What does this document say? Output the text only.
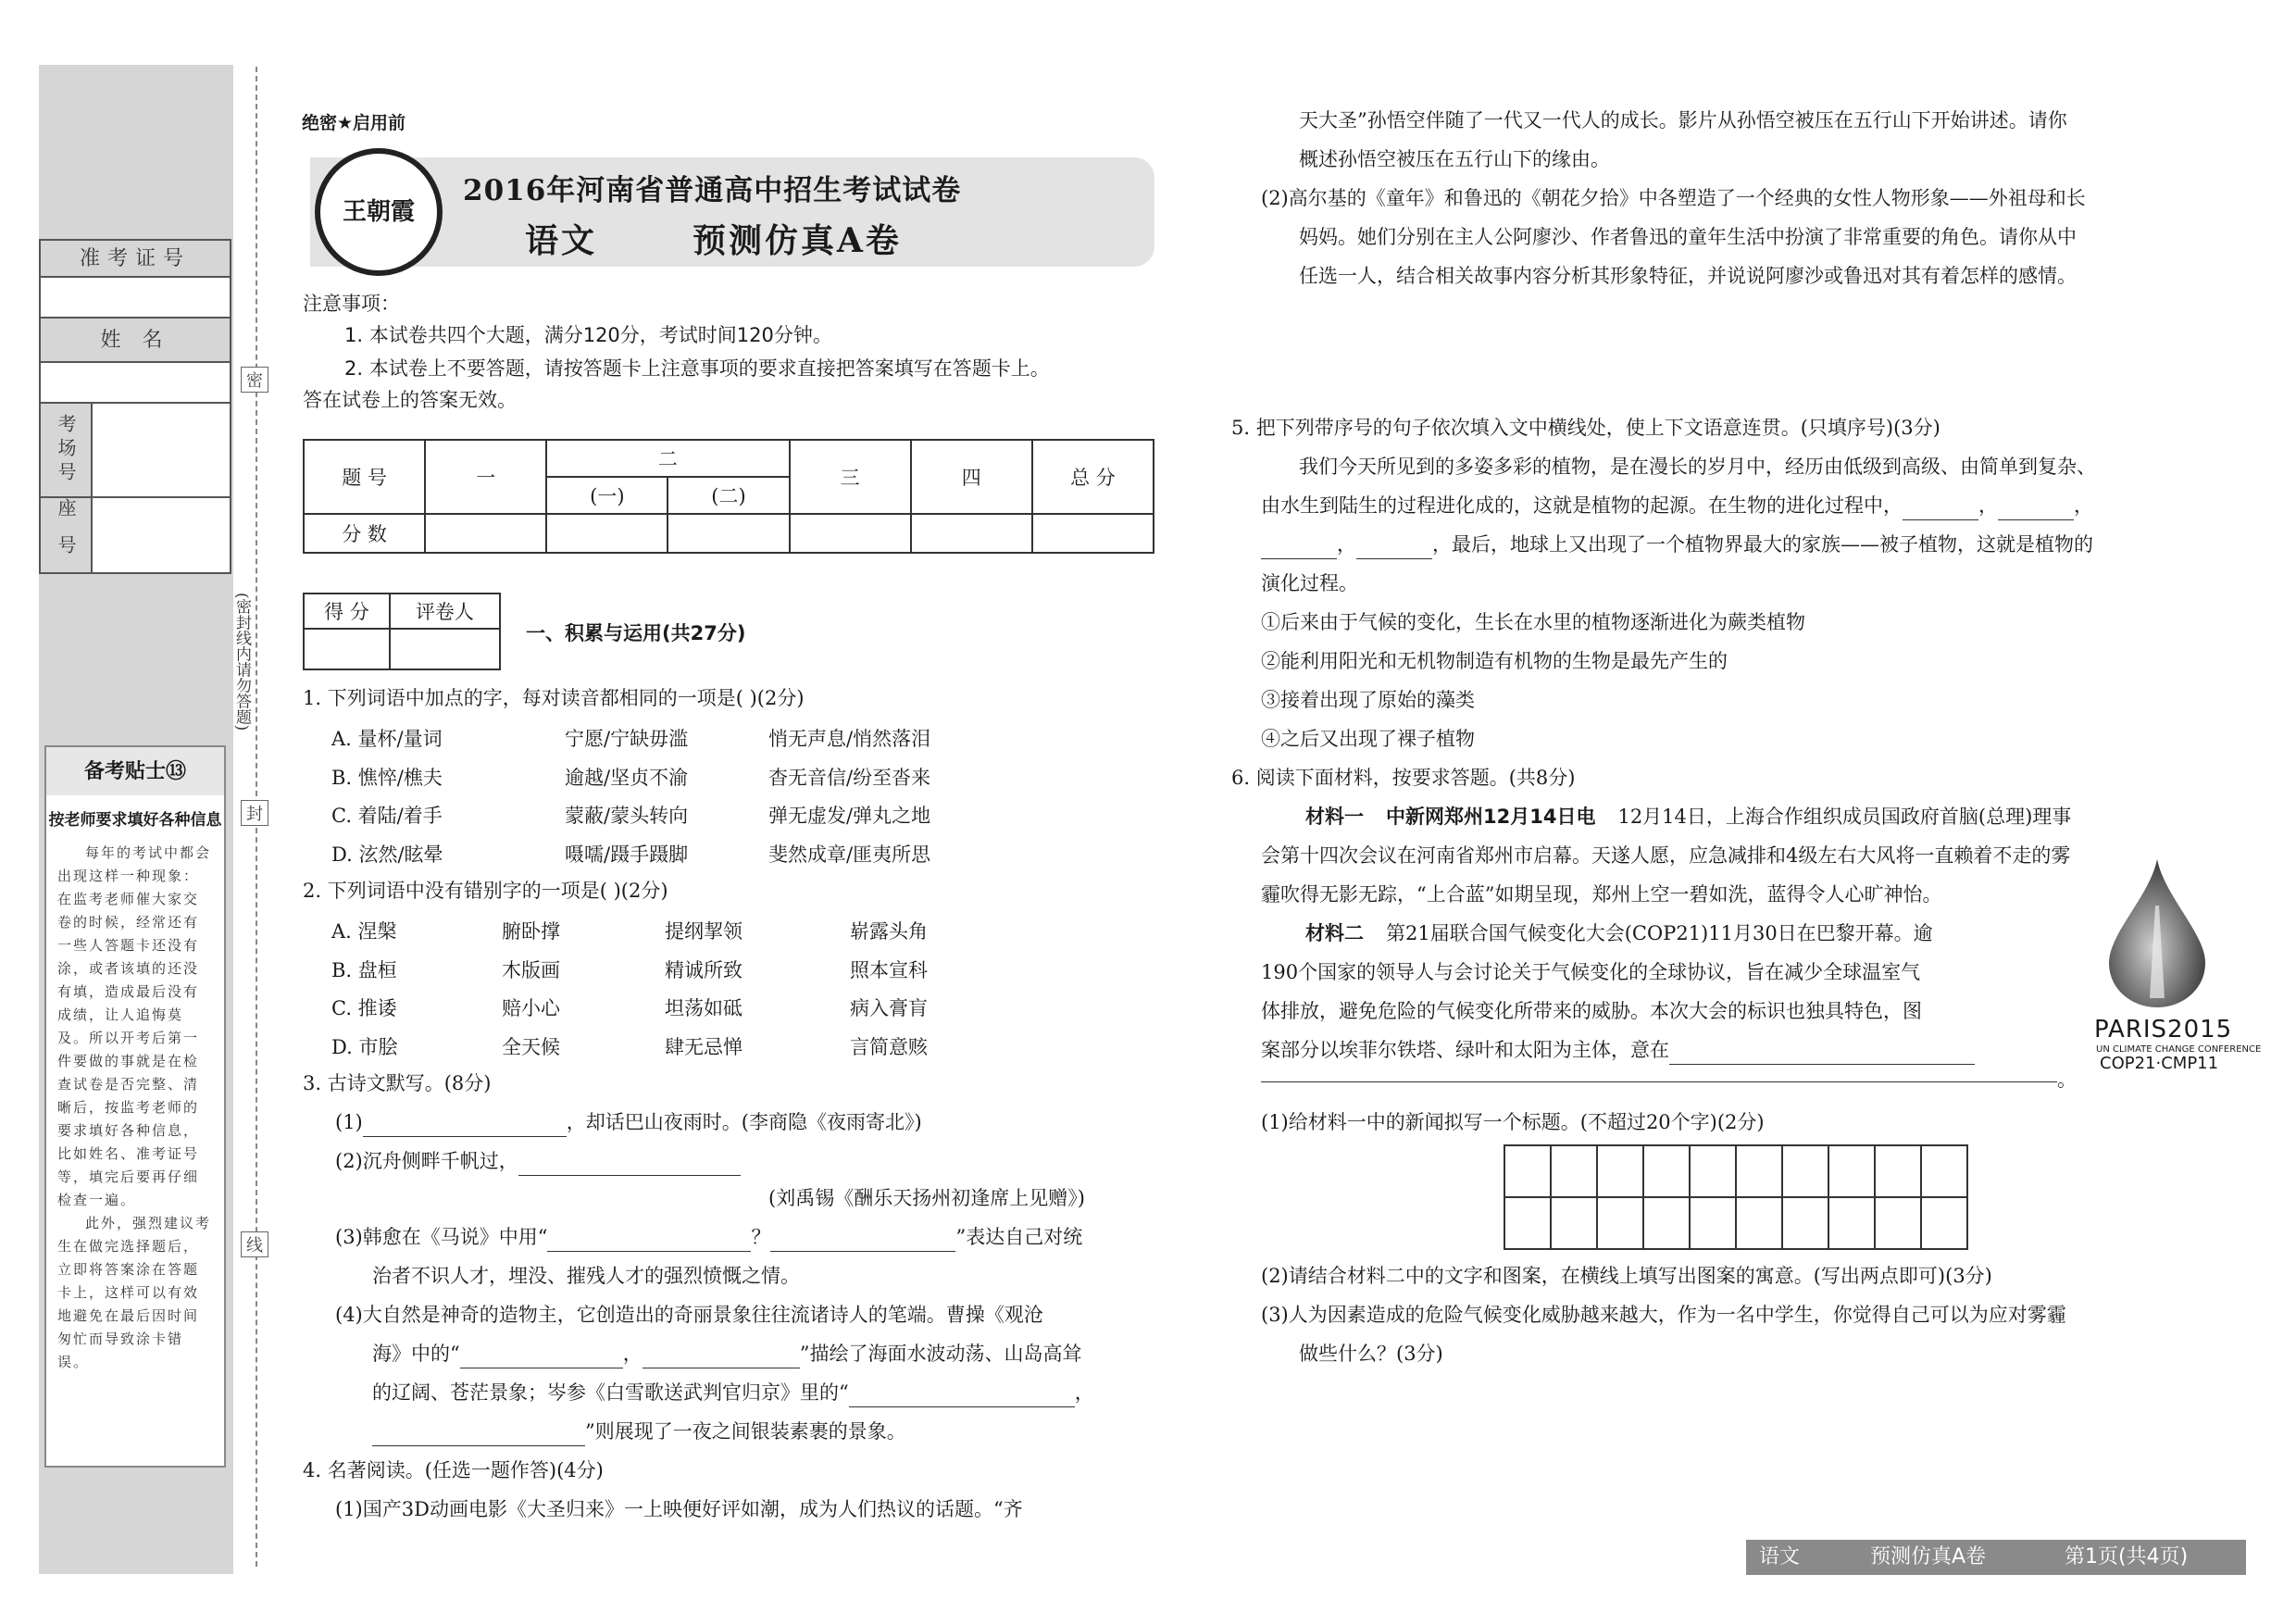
准考证号
姓 名
考场号
座号
密
封
线
(密封线内请勿答题)
备考贴士⑬
按老师要求填好各种信息

每年的考试中都会出现这样一种现象：在监考老师催大家交卷的时候，经常还有一些人答题卡还没有涂，或者该填的还没有填，造成最后没有成绩，让人追悔莫及。所以开考后第一件要做的事就是在检查试卷是否完整、清晰后，按监考老师的要求填好各种信息，比如姓名、准考证号等，填完后要再仔细检查一遍。

此外，强烈建议考生在做完选择题后，立即将答案涂在答题卡上，这样可以有效地避免在最后因时间匆忙而导致涂卡错误。

绝密★启用前
王朝霞
2016年河南省普通高中招生考试试卷
语文	预测仿真A卷
注意事项：
1. 本试卷共四个大题，满分120分，考试时间120分钟。
2. 本试卷上不要答题，请按答题卡上注意事项的要求直接把答案填写在答题卡上。
答在试卷上的答案无效。
题 号	一	二		三	四	总 分
		(一)	(二)			
分 数						
得 分	评卷人

一、积累与运用(共27分)
1. 下列词语中加点的字，每对读音都相同的一项是( )(2分)
A. 量杯/量词	宁愿/宁缺毋滥	悄无声息/悄然落泪
B. 憔悴/樵夫	逾越/坚贞不渝	杳无音信/纷至沓来
C. 着陆/着手	蒙蔽/蒙头转向	弹无虚发/弹丸之地
D. 泫然/眩晕	嗫嚅/蹑手蹑脚	斐然成章/匪夷所思
2. 下列词语中没有错别字的一项是( )(2分)
A. 涅槃	腑卧撑	提纲挈领	崭露头角
B. 盘桓	木版画	精诚所致	照本宣科
C. 推诿	赔小心	坦荡如砥	病入膏肓
D. 市脍	全天候	肆无忌惮	言简意赅
3. 古诗文默写。(8分)
(1)	，却话巴山夜雨时。(李商隐《夜雨寄北》)
(2)沉舟侧畔千帆过，
(刘禹锡《酬乐天扬州初逢席上见赠》)
(3)韩愈在《马说》中用“	？	”表达自己对统
治者不识人才，埋没、摧残人才的强烈愤慨之情。
(4)大自然是神奇的造物主，它创造出的奇丽景象往往流诸诗人的笔端。曹操《观沧
海》中的“	，	”描绘了海面水波动荡、山岛高耸
的辽阔、苍茫景象；岑参《白雪歌送武判官归京》里的“	，
”则展现了一夜之间银装素裹的景象。
4. 名著阅读。(任选一题作答)(4分)
(1)国产3D动画电影《大圣归来》一上映便好评如潮，成为人们热议的话题。“齐
天大圣”孙悟空伴随了一代又一代人的成长。影片从孙悟空被压在五行山下开始讲述。请你
概述孙悟空被压在五行山下的缘由。
(2)高尔基的《童年》和鲁迅的《朝花夕拾》中各塑造了一个经典的女性人物形象——外祖母和长
妈妈。她们分别在主人公阿廖沙、作者鲁迅的童年生活中扮演了非常重要的角色。请你从中
任选一人，结合相关故事内容分析其形象特征，并说说阿廖沙或鲁迅对其有着怎样的感情。
5. 把下列带序号的句子依次填入文中横线处，使上下文语意连贯。(只填序号)(3分)
我们今天所见到的多姿多彩的植物，是在漫长的岁月中，经历由低级到高级、由简单到复杂、
由水生到陆生的过程进化成的，这就是植物的起源。在生物的进化过程中，	，	，
，	，最后，地球上又出现了一个植物界最大的家族——被子植物，这就是植物的
演化过程。
①后来由于气候的变化，生长在水里的植物逐渐进化为蕨类植物
②能利用阳光和无机物制造有机物的生物是最先产生的
③接着出现了原始的藻类
④之后又出现了裸子植物
6. 阅读下面材料，按要求答题。(共8分)
材料一 中新网郑州12月14日电 12月14日，上海合作组织成员国政府首脑(总理)理事
会第十四次会议在河南省郑州市启幕。天遂人愿，应急减排和4级左右大风将一直赖着不走的雾
霾吹得无影无踪，“上合蓝”如期呈现，郑州上空一碧如洗，蓝得令人心旷神怡。
材料二 第21届联合国气候变化大会(COP21)11月30日在巴黎开幕。逾
190个国家的领导人与会讨论关于气候变化的全球协议，旨在减少全球温室气
体排放，避免危险的气候变化所带来的威胁。本次大会的标识也独具特色，图
案部分以埃菲尔铁塔、绿叶和太阳为主体，意在
。
PARIS2015
UN CLIMATE CHANGE CONFERENCE
COP21·CMP11
(1)给材料一中的新闻拟写一个标题。(不超过20个字)(2分)

(2)请结合材料二中的文字和图案，在横线上填写出图案的寓意。(写出两点即可)(3分)
(3)人为因素造成的危险气候变化威胁越来越大，作为一名中学生，你觉得自己可以为应对雾霾
做些什么？(3分)
语文	预测仿真A卷	第1页(共4页)
